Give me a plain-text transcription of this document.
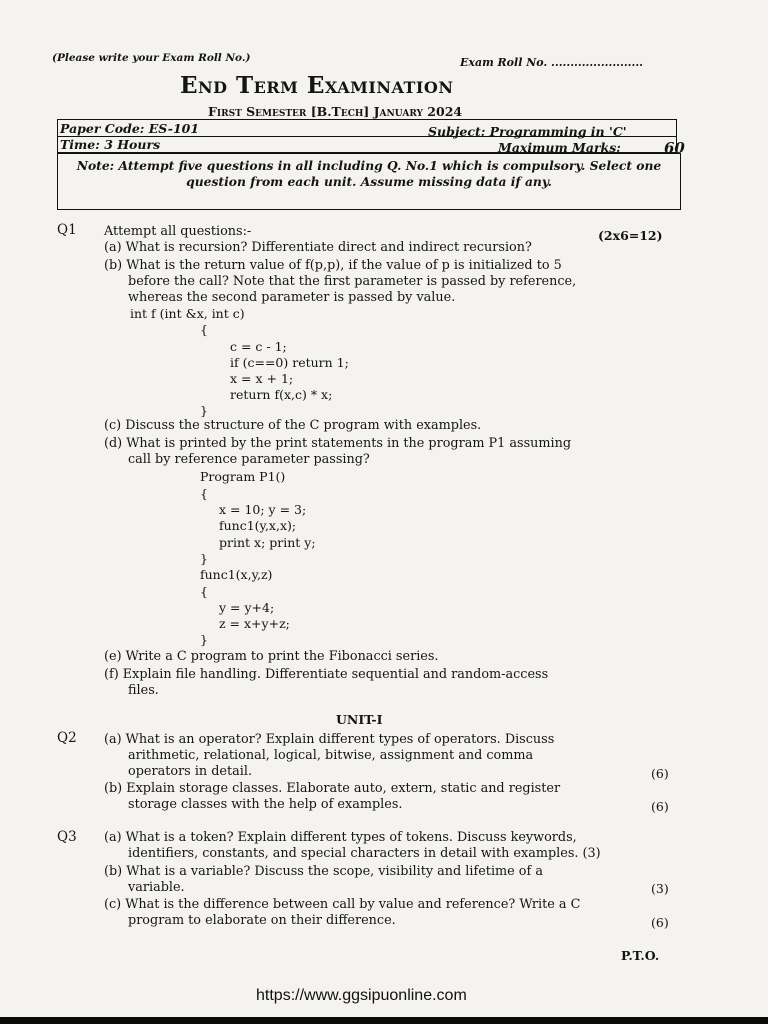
(Please write your Exam Roll No.)	Exam Roll No. ........................
End Term Examination
First Semester [B.Tech] January 2024
Paper Code: ES-101	Subject: Programming in 'C'
Time: 3 Hours	Maximum Marks:	60
Note: Attempt five questions in all including Q. No.1 which is compulsory. Select one question from each unit. Assume missing data if any.
Q1 Attempt all questions:-	(2x6=12)
(a) What is recursion? Differentiate direct and indirect recursion?
(b) What is the return value of f(p,p), if the value of p is initialized to 5
before the call? Note that the first parameter is passed by reference,
whereas the second parameter is passed by value.
int f (int &x, int c)
{
c = c - 1;
if (c==0) return 1;
x = x + 1;
return f(x,c) * x;
}
(c) Discuss the structure of the C program with examples.
(d) What is printed by the print statements in the program P1 assuming
call by reference parameter passing?
Program P1()
{
x = 10; y = 3;
func1(y,x,x);
print x; print y;
}
func1(x,y,z)
{
y = y+4;
z = x+y+z;
}
(e) Write a C program to print the Fibonacci series.
(f) Explain file handling. Differentiate sequential and random-access
files.
UNIT-I
Q2 (a) What is an operator? Explain different types of operators. Discuss
arithmetic, relational, logical, bitwise, assignment and comma
operators in detail.	(6)
(b) Explain storage classes. Elaborate auto, extern, static and register
storage classes with the help of examples.	(6)
Q3 (a) What is a token? Explain different types of tokens. Discuss keywords,
identifiers, constants, and special characters in detail with examples. (3)
(b) What is a variable? Discuss the scope, visibility and lifetime of a
variable.	(3)
(c) What is the difference between call by value and reference? Write a C
program to elaborate on their difference.	(6)
P.T.O.
https://www.ggsipuonline.com
